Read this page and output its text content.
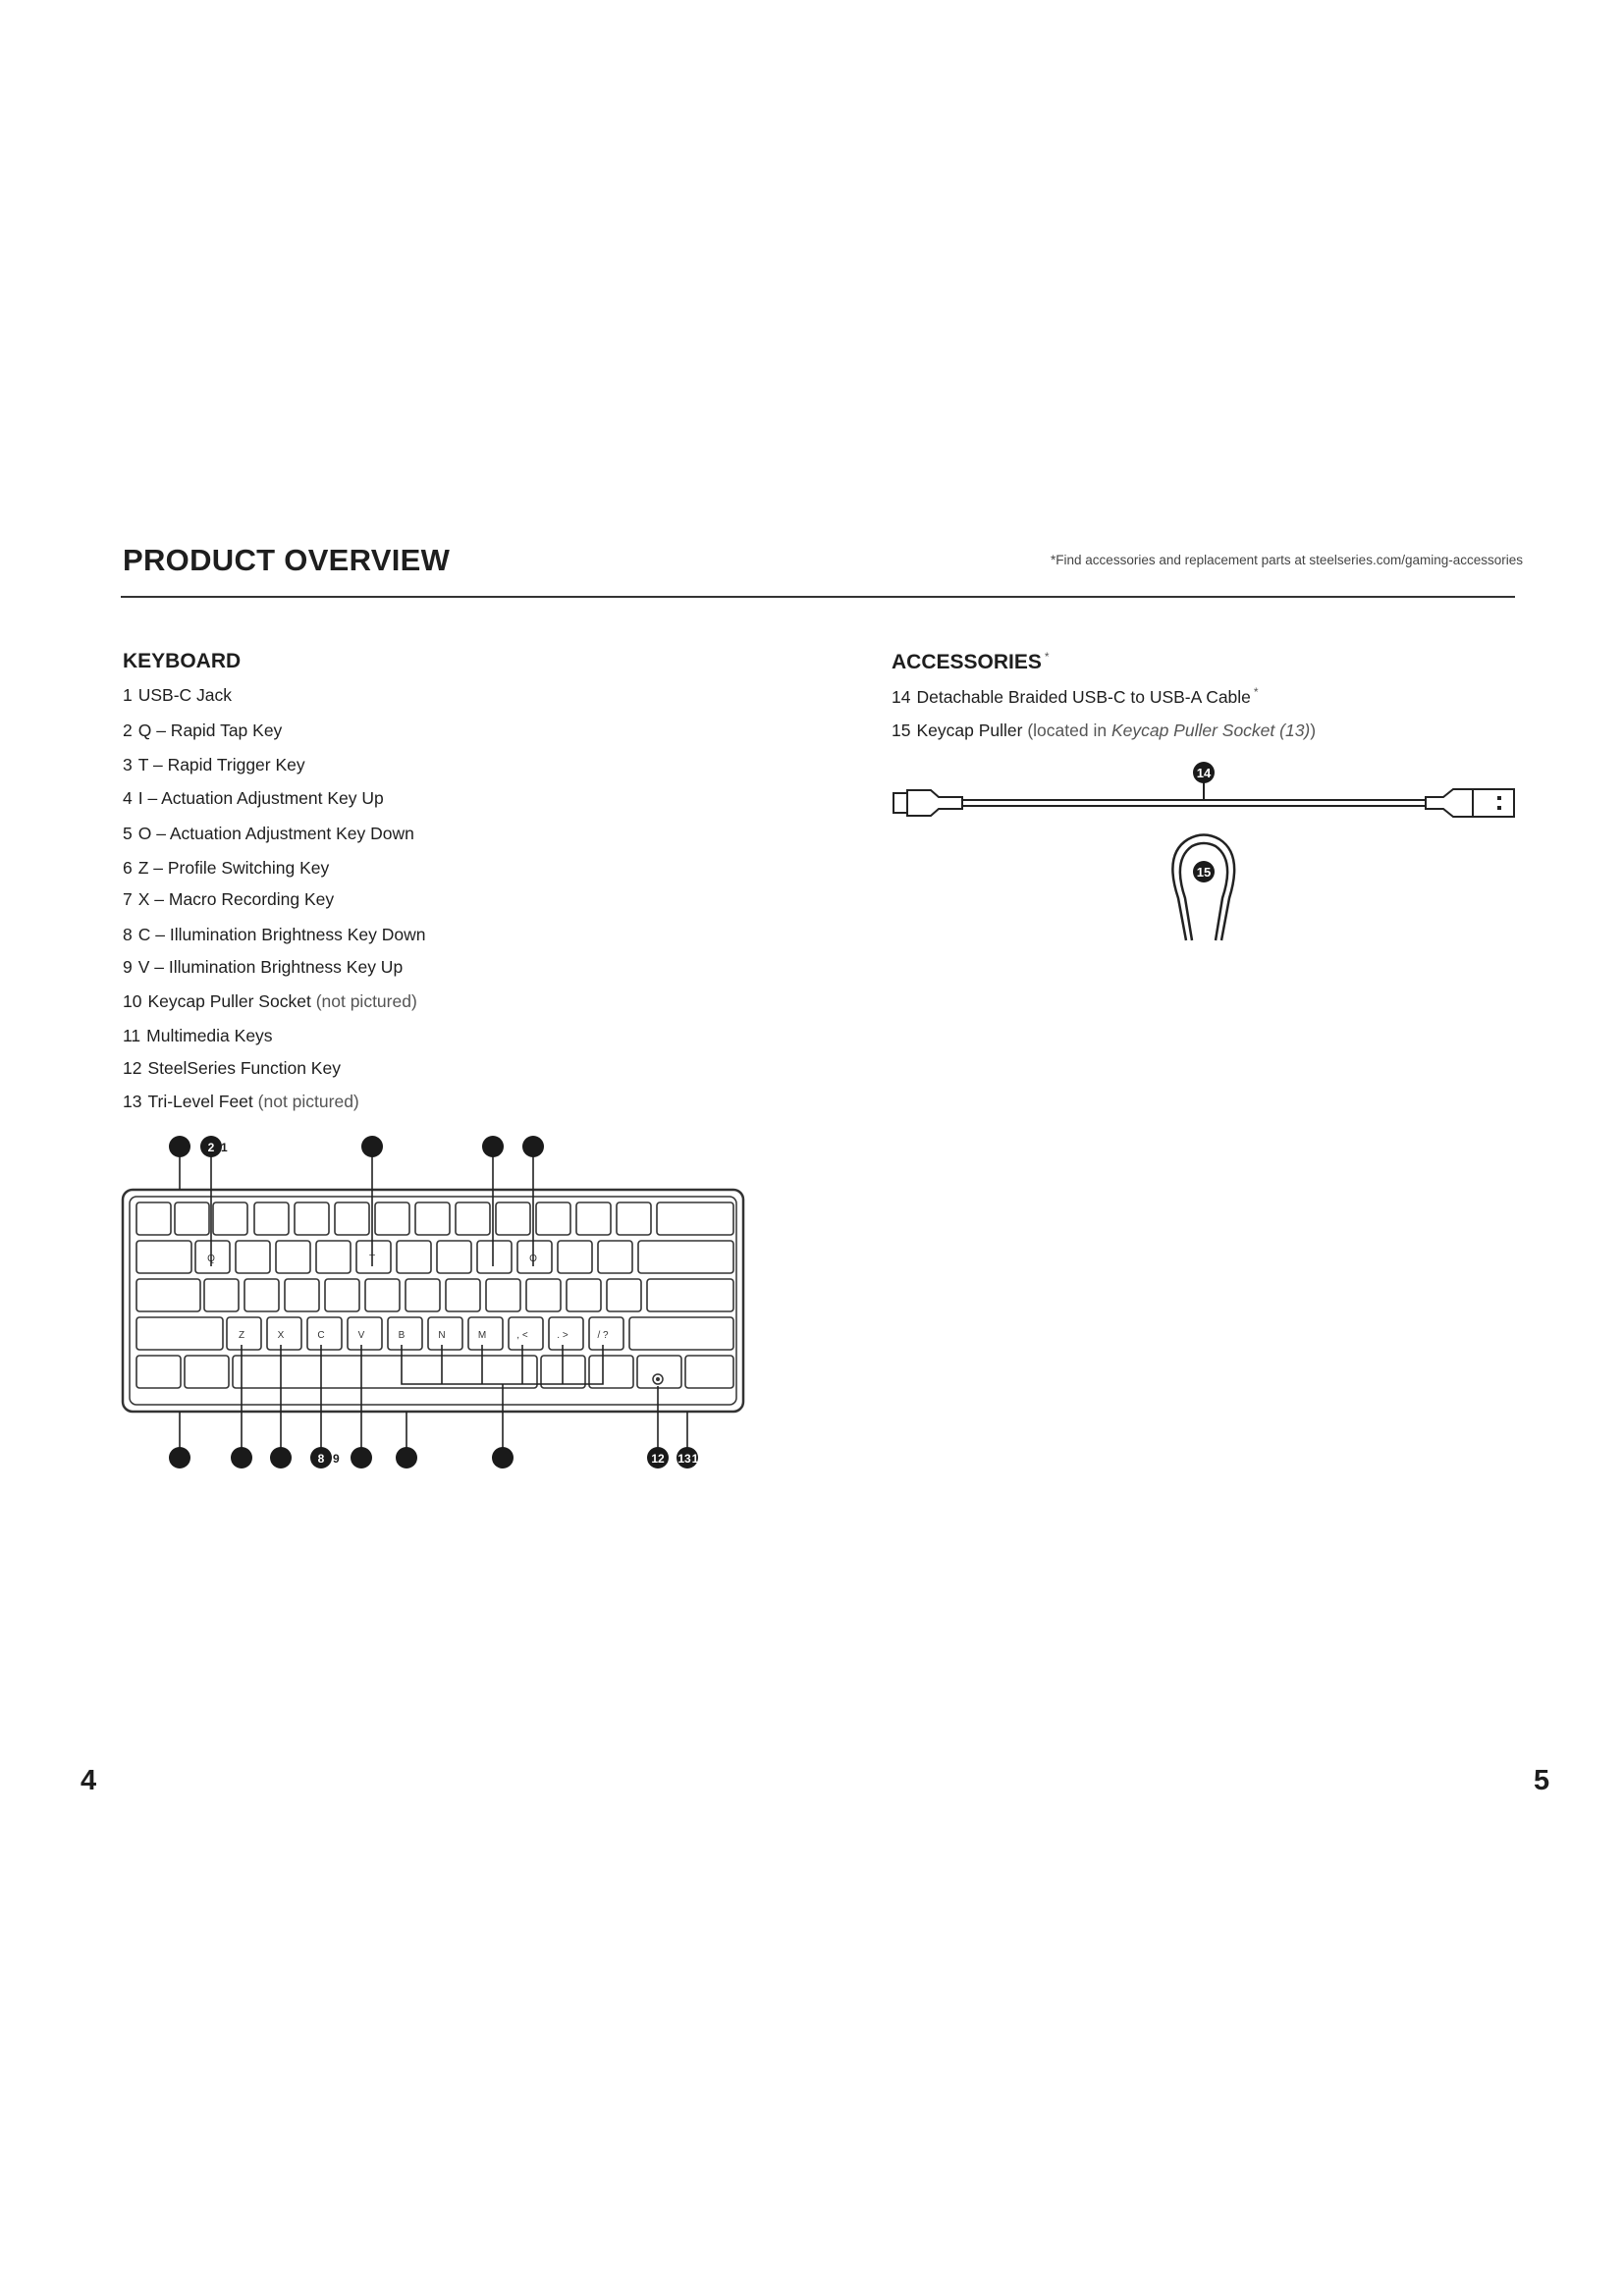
PRODUCT OVERVIEW	*Find accessories and replacement parts at steelseries.com/gaming-accessories
KEYBOARD
1 USB-C Jack
2 Q – Rapid Tap Key
3 T – Rapid Trigger Key
4 I – Actuation Adjustment Key Up
5 O – Actuation Adjustment Key Down
6 Z – Profile Switching Key
7 X – Macro Recording Key
8 C – Illumination Brightness Key Down
9 V – Illumination Brightness Key Up
10 Keycap Puller Socket (not pictured)
11 Multimedia Keys
12 SteelSeries Function Key
13 Tri-Level Feet (not pictured)
ACCESSORIES *
14 Detachable Braided USB-C to USB-A Cable *
15 Keycap Puller (located in Keycap Puller Socket (13))
14
15
Q	T	I	O
Z	X	C	V	B	N	M	, <	. >	/ ?
2 1
8 9	12 13 1
4	5
